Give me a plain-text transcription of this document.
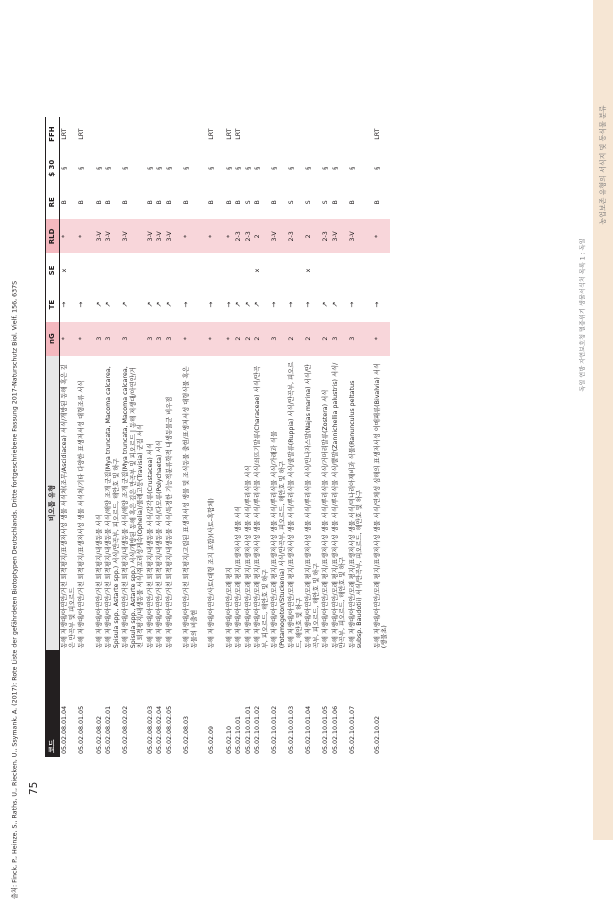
농업보존 유형의 서식지 및 동식물 분류
독일 연방 자연보호청 멸종위기 생물서식처 목록 1 : 독일
코드	비오톱 유형	nG	TE	SE	RLD	RE	$ 30	FFH
05.02.08.01.04	동해 저생대/아연안/거친 퇴적평지/표생저서성 생물 서식처(조무/Ascidiacea) 서식/개방된 동해 혹은 깊은 만곡부 및 피오르드	*	→	x	*	B	§	LRT
05.02.08.01.05	동해 저생대/아연안/거친 퇴적평지/표생저서성 생물 서식처/기타 다양한 표생저서성 대형조류 서식	*	→		*	B	§	LRT

05.02.08.02	동해 저생대/아연안/거친 퇴적평지/내생동물 서식	3	↗		3-V	B	§	
05.02.08.02.01	동해 저생대/아연안/거친 퇴적평지/내생동물 서식/해양 조개 군집(Mya truncata, Macoma calcarea, Spisula spp., Astarte spp.) 서식/만곡부, 피오르드, 해안호 및 하구	3	↗		3-V	B	§	
05.02.08.02.02	동해 저생대/아연안/거친 퇴적평지/내생동물 서식/해양 조개 군집(Mya truncata, Macoma calcarea, Spisula spp., Astarte spp.) 서식/개방된 동해 혹은 깊은 만곡부 및 피오르드 | 동해 저생대/아연안/거친 퇴적평지/내생동물 서식/쥐꼬리성게속(Ophelia)/물레고둥(Travisia) 군집 서식	3	↗		3-V	B	§	
05.02.08.02.03	동해 저생대/아연안/거친 퇴적평지/내생동물 서식/갑각류(Crustacea) 서식	3	↗		3-V	B	§	
05.02.08.02.04	동해 저생대/아연안/거친 퇴적평지/내생동물 서식/다모류(Polychaeta) 서식	3	↗		3-V	B	§	
05.02.08.02.05	동해 저생대/아연안/거친 퇴적평지/내생동물 서식/특정한 기능적분류학적 내생동물군 비우점	3	↗		3-V	B	§	

05.02.08.03	동해 저생대/아연안/거친 퇴적평지/고립된 표생저서성 생물 및 조식동물 출현/표생저서성 대형식물 혹은 동물의 비출현	*	→		*	B	§	

05.02.09	동해 저생대/아연안/사토(대형 조지 포함)(사토-혹합체)	*	→		*	B	§	LRT

05.02.10	동해 저생대/아연안/모래 평지	*	→		*	B	§	LRT
05.02.10.01	동해 저생대/아연안/모래 평지/표생저서성 생물 서식	2	↗		2-3	B	§	LRT
05.02.10.01.01	동해 저생대/아연안/모래 평지/표생저서성 생물 서식/뿌리식물 서식	2	↗		2-3	S	§	
05.02.10.01.02	동해 저생대/아연안/모래 평지/표생저서성 생물 서식/뿌리식물 서식/쇠뜨기말류(Characeae) 서식/만곡부, 피오르드, 해안호 및 하구	2	↗	x	2	B	§	
05.02.10.01.02	동해 저생대/아연안/모래 평지/표생저서성 생물 서식/뿌리식물 서식/가래과 식물(Potamogeton/Stuckenia) 서식/만곡부, 피오르드, 해안호 및 하구	3	→		3-V	B	§	
05.02.10.01.03	동해 저생대/아연안/모래 평지/표생저서성 생물 서식/뿌리식물 서식/줄말류(Ruppia) 서식/만곡부, 피오르드, 해안호 및 하구	2	→		2-3	S	§	
05.02.10.01.04	동해 저생대/아연안/모래 평지/표생저서성 생물 서식/뿌리식물 서식/민나자스말(Najas marina) 서식/만곡부, 피오르드, 해안호 및 하구	2	→	x	2	S	§	
05.02.10.01.05	동해 저생대/아연안/모래 평지/표생저서성 생물 서식/뿌리식물 서식/거머리말류(Zostera) 서식	2	↗		2-3	S	§	
05.02.10.01.06	동해 저생대/아연안/모래 평지/표생저서성 생물 서식/뿌리식물 서식/뿔말(Zannichellia palustris) 서식/만곡부, 피오르드, 해안호 및 하구	3	↗		3-V	B	§	
05.02.10.01.07	동해 저생대/아연안/모래 평지/표생저서성 생물 서식/미나리아재비과 식물(Ranunculus peltatus subsp. Baudotii) 서식/만곡부, 피오르드, 해안호 및 하구	3	→		3-V	B	§	

05.02.10.02	동해 저생대/아연안/모래 평지/표생저서성 생물 서식/연체성 심해의 표생저서성 이매패류(Bivalvia) 서식(생물초)	*	→		*	B	§	LRT
출처: Finck, P., Heinze, S., Raths, U., Riecken, U., Ssymank, A. (2017): Rote Liste der gefährdeten Biotoptypen Deutschlands. Dritte fortgeschriebene Fassung 2017-Naturschutz Biol. Vielf. 156, 637S 75
